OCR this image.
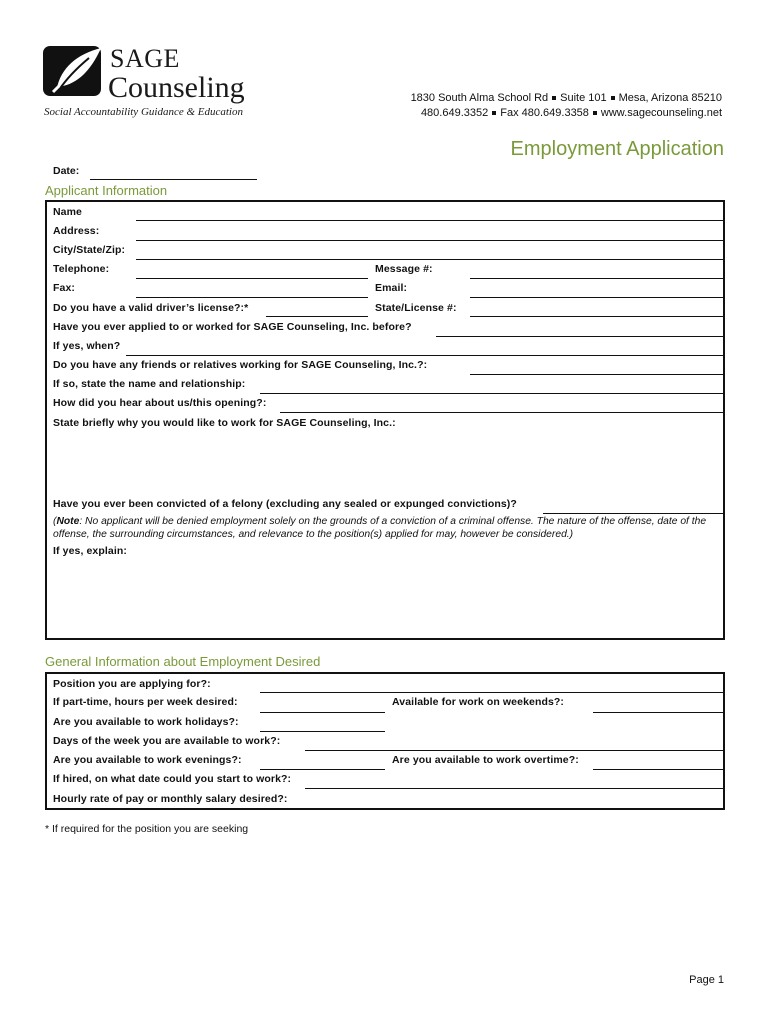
SAGE
Counseling
Social Accountability Guidance & Education
1830 South Alma School Rd Suite 101 Mesa, Arizona 85210
480.649.3352 Fax 480.649.3358 www.sagecounseling.net
Employment Application
Date:
Applicant Information
Name
Address:
City/State/Zip:
Telephone:	Message #:
Fax:	Email:
Do you have a valid driver’s license?:*	State/License #:
Have you ever applied to or worked for SAGE Counseling, Inc. before?
If yes, when?
Do you have any friends or relatives working for SAGE Counseling, Inc.?:
If so, state the name and relationship:
How did you hear about us/this opening?:
State briefly why you would like to work for SAGE Counseling, Inc.:
Have you ever been convicted of a felony (excluding any sealed or expunged convictions)?
(Note: No applicant will be denied employment solely on the grounds of a conviction of a criminal offense. The nature of the offense, date of the offense, the surrounding circumstances, and relevance to the position(s) applied for may, however be considered.)
If yes, explain:
General Information about Employment Desired
Position you are applying for?:
If part-time, hours per week desired:	Available for work on weekends?:
Are you available to work holidays?:
Days of the week you are available to work?:
Are you available to work evenings?:	Are you available to work overtime?:
If hired, on what date could you start to work?:
Hourly rate of pay or monthly salary desired?:
* If required for the position you are seeking
Page 1
